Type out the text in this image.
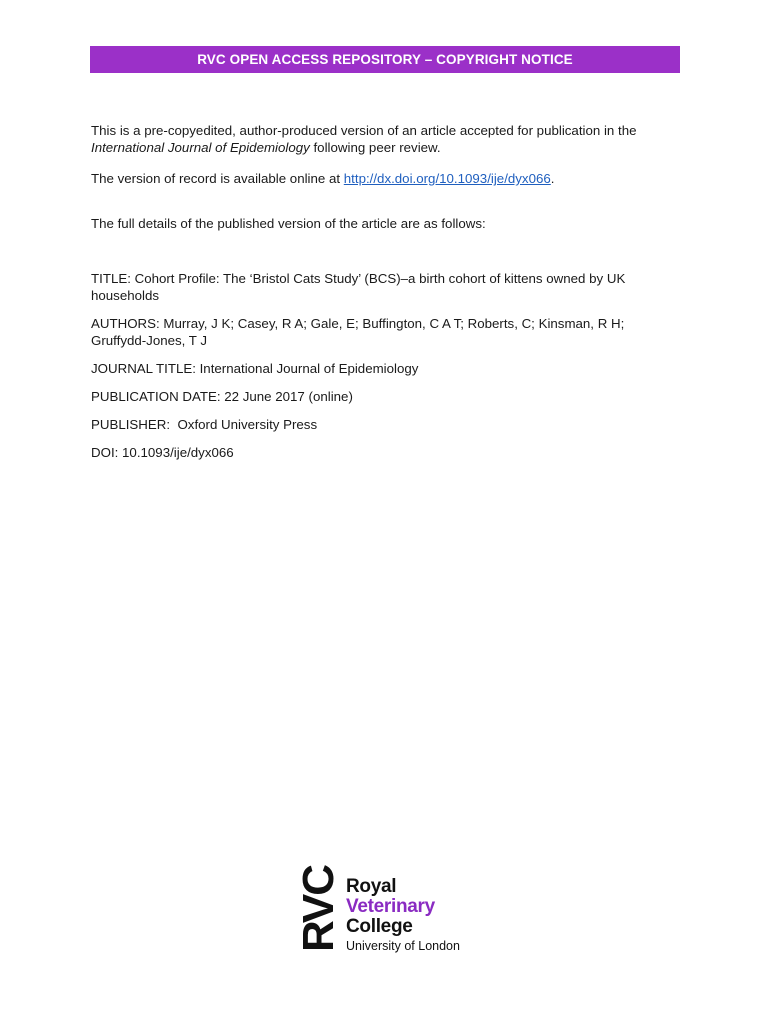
RVC OPEN ACCESS REPOSITORY – COPYRIGHT NOTICE

This is a pre-copyedited, author-produced version of an article accepted for publication in the International Journal of Epidemiology following peer review.

The version of record is available online at http://dx.doi.org/10.1093/ije/dyx066.

The full details of the published version of the article are as follows:

TITLE: Cohort Profile: The ‘Bristol Cats Study’ (BCS)–a birth cohort of kittens owned by UK households

AUTHORS: Murray, J K; Casey, R A; Gale, E; Buffington, C A T; Roberts, C; Kinsman, R H; Gruffydd-Jones, T J

JOURNAL TITLE: International Journal of Epidemiology

PUBLICATION DATE: 22 June 2017 (online)

PUBLISHER:  Oxford University Press

DOI: 10.1093/ije/dyx066

RVC Royal
Veterinary
College
University of London
